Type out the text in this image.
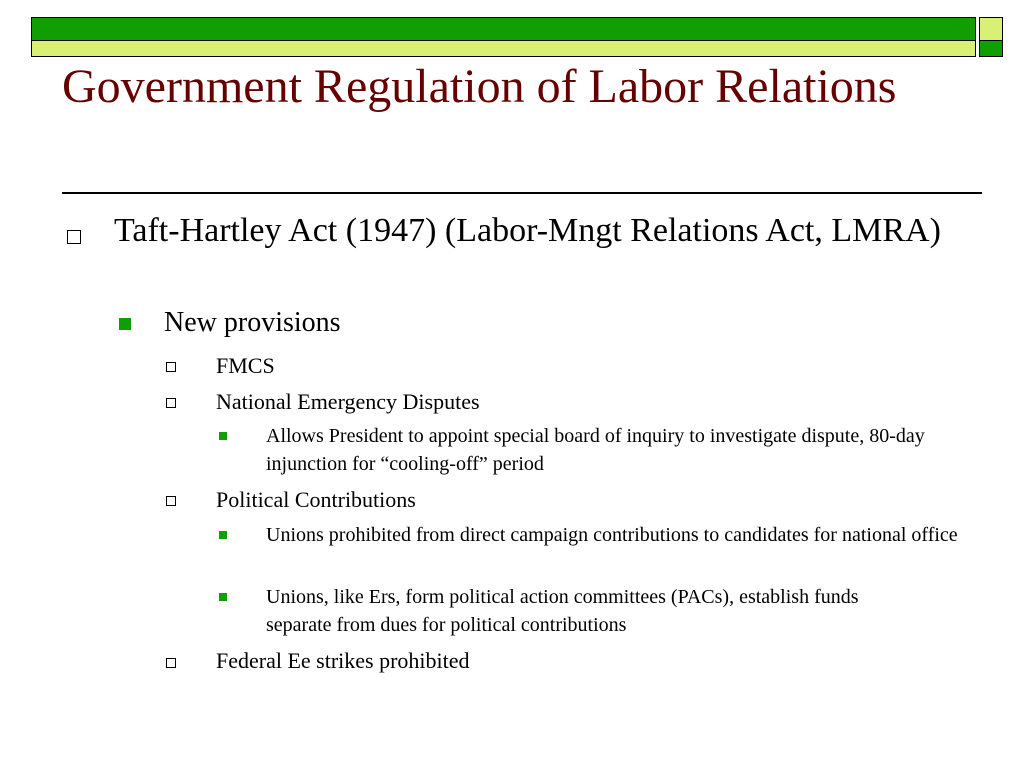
Government Regulation of Labor Relations
Taft-Hartley Act (1947) (Labor-Mngt Relations Act, LMRA)
New provisions
FMCS
National Emergency Disputes
Allows President to appoint special board of inquiry to investigate dispute, 80-day injunction for “cooling-off” period
Political Contributions
Unions prohibited from direct campaign contributions to candidates for national office
Unions, like Ers, form political action committees (PACs), establish funds separate from dues for political contributions
Federal Ee strikes prohibited
